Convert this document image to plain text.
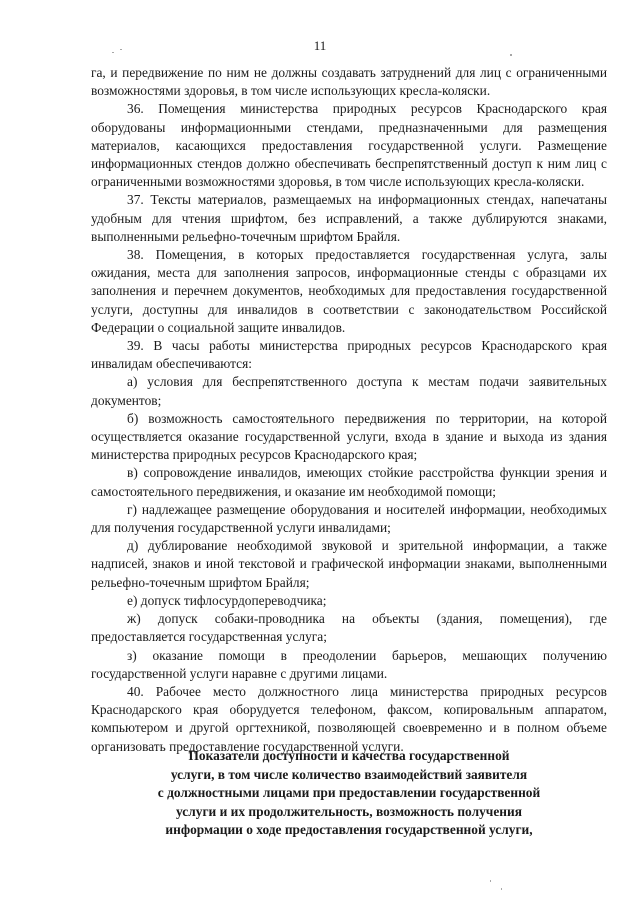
11

га, и передвижение по ним не должны создавать затруднений для лиц с ограниченными возможностями здоровья, в том числе использующих кресла-коляски.

36. Помещения министерства природных ресурсов Краснодарского края оборудованы информационными стендами, предназначенными для размещения материалов, касающихся предоставления государственной услуги. Размещение информационных стендов должно обеспечивать беспрепятственный доступ к ним лиц с ограниченными возможностями здоровья, в том числе использующих кресла-коляски.

37. Тексты материалов, размещаемых на информационных стендах, напечатаны удобным для чтения шрифтом, без исправлений, а также дублируются знаками, выполненными рельефно-точечным шрифтом Брайля.

38. Помещения, в которых предоставляется государственная услуга, залы ожидания, места для заполнения запросов, информационные стенды с образцами их заполнения и перечнем документов, необходимых для предоставления государственной услуги, доступны для инвалидов в соответствии с законодательством Российской Федерации о социальной защите инвалидов.

39. В часы работы министерства природных ресурсов Краснодарского края инвалидам обеспечиваются:

а) условия для беспрепятственного доступа к местам подачи заявительных документов;

б) возможность самостоятельного передвижения по территории, на которой осуществляется оказание государственной услуги, входа в здание и выхода из здания министерства природных ресурсов Краснодарского края;

в) сопровождение инвалидов, имеющих стойкие расстройства функции зрения и самостоятельного передвижения, и оказание им необходимой помощи;

г) надлежащее размещение оборудования и носителей информации, необходимых для получения государственной услуги инвалидами;

д) дублирование необходимой звуковой и зрительной информации, а также надписей, знаков и иной текстовой и графической информации знаками, выполненными рельефно-точечным шрифтом Брайля;

е) допуск тифлосурдопереводчика;

ж) допуск собаки-проводника на объекты (здания, помещения), где предоставляется государственная услуга;

з) оказание помощи в преодолении барьеров, мешающих получению государственной услуги наравне с другими лицами.

40. Рабочее место должностного лица министерства природных ресурсов Краснодарского края оборудуется телефоном, факсом, копировальным аппаратом, компьютером и другой оргтехникой, позволяющей своевременно и в полном объеме организовать предоставление государственной услуги.

Показатели доступности и качества государственной
услуги, в том числе количество взаимодействий заявителя
с должностными лицами при предоставлении государственной
услуги и их продолжительность, возможность получения
информации о ходе предоставления государственной услуги,
